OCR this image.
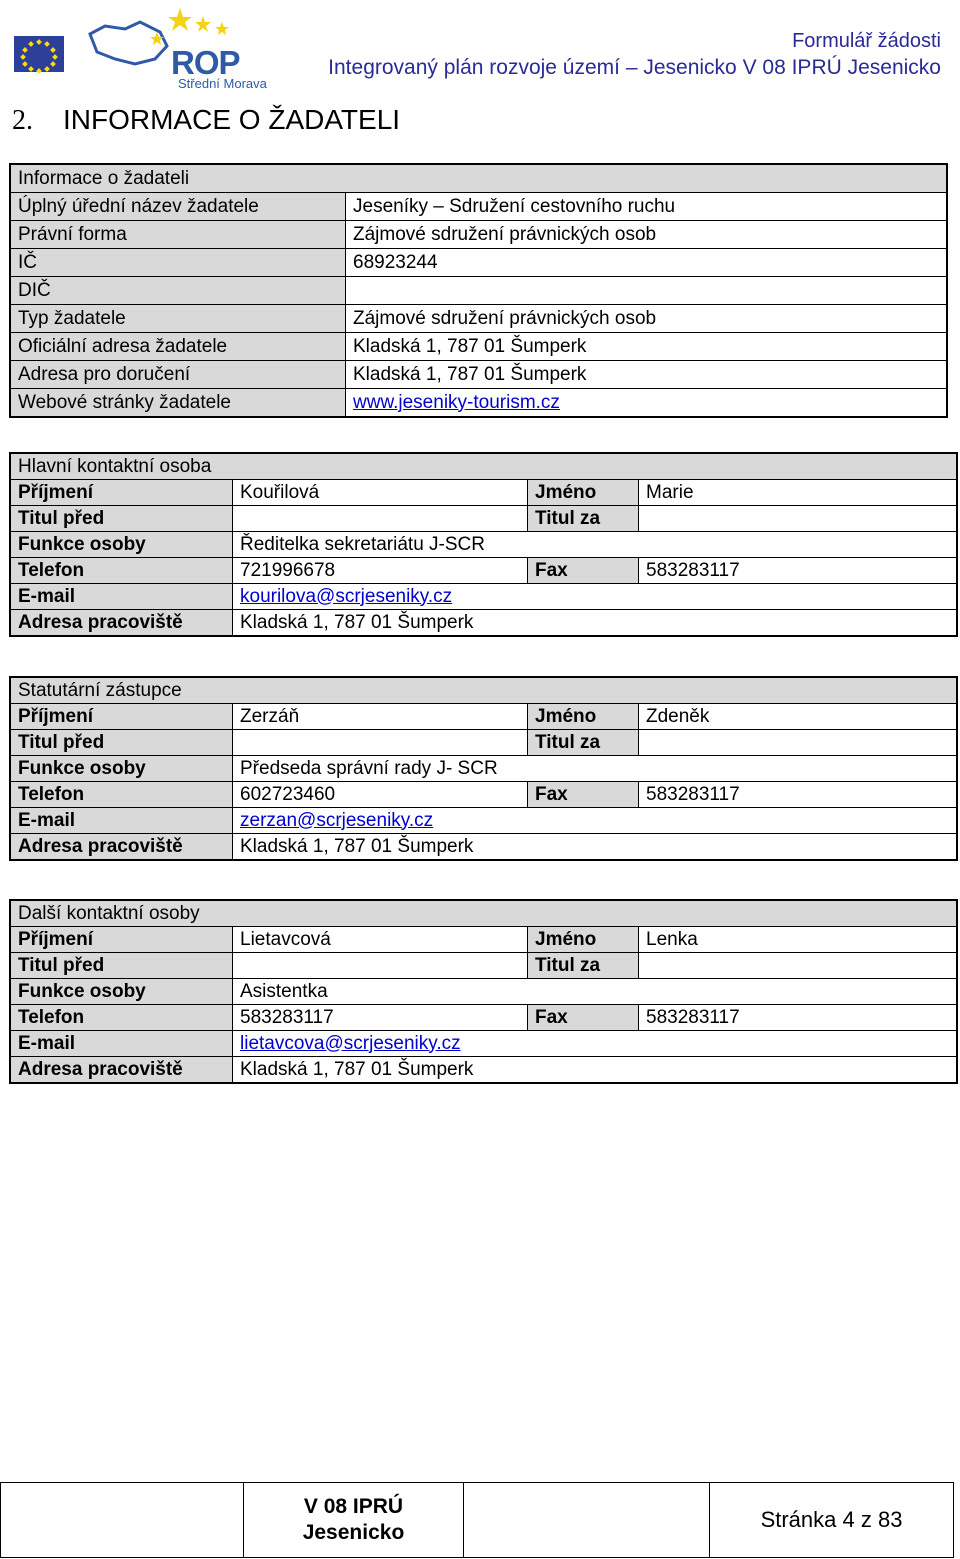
ROP
Střední Morava
Formulář žádosti
Integrovaný plán rozvoje území – Jesenicko V 08 IPRÚ Jesenicko
2. INFORMACE O ŽADATELI
Informace o žadateli	
Úplný úřední název žadatele	Jeseníky – Sdružení cestovního ruchu
Právní forma	Zájmové sdružení právnických osob
IČ	68923244
DIČ	
Typ žadatele	Zájmové sdružení právnických osob
Oficiální adresa žadatele	Kladská 1, 787 01 Šumperk
Adresa pro doručení	Kladská 1, 787 01 Šumperk
Webové stránky žadatele	www.jeseniky-tourism.cz
Hlavní kontaktní osoba			
Příjmení	Kouřilová	Jméno	Marie
Titul před		Titul za	
Funkce osoby	Ředitelka sekretariátu J-SCR		
Telefon	721996678	Fax	583283117
E-mail	kourilova@scrjeseniky.cz		
Adresa pracoviště	Kladská 1, 787 01 Šumperk		
Statutární zástupce			
Příjmení	Zerzáň	Jméno	Zdeněk
Titul před		Titul za	
Funkce osoby	Předseda správní rady J- SCR		
Telefon	602723460	Fax	583283117
E-mail	zerzan@scrjeseniky.cz		
Adresa pracoviště	Kladská 1, 787 01 Šumperk		
Další kontaktní osoby			
Příjmení	Lietavcová	Jméno	Lenka
Titul před		Titul za	
Funkce osoby	Asistentka		
Telefon	583283117	Fax	583283117
E-mail	lietavcova@scrjeseniky.cz		
Adresa pracoviště	Kladská 1, 787 01 Šumperk		

V 08 IPRÚ
Jesenicko
		Stránka 4 z 83
